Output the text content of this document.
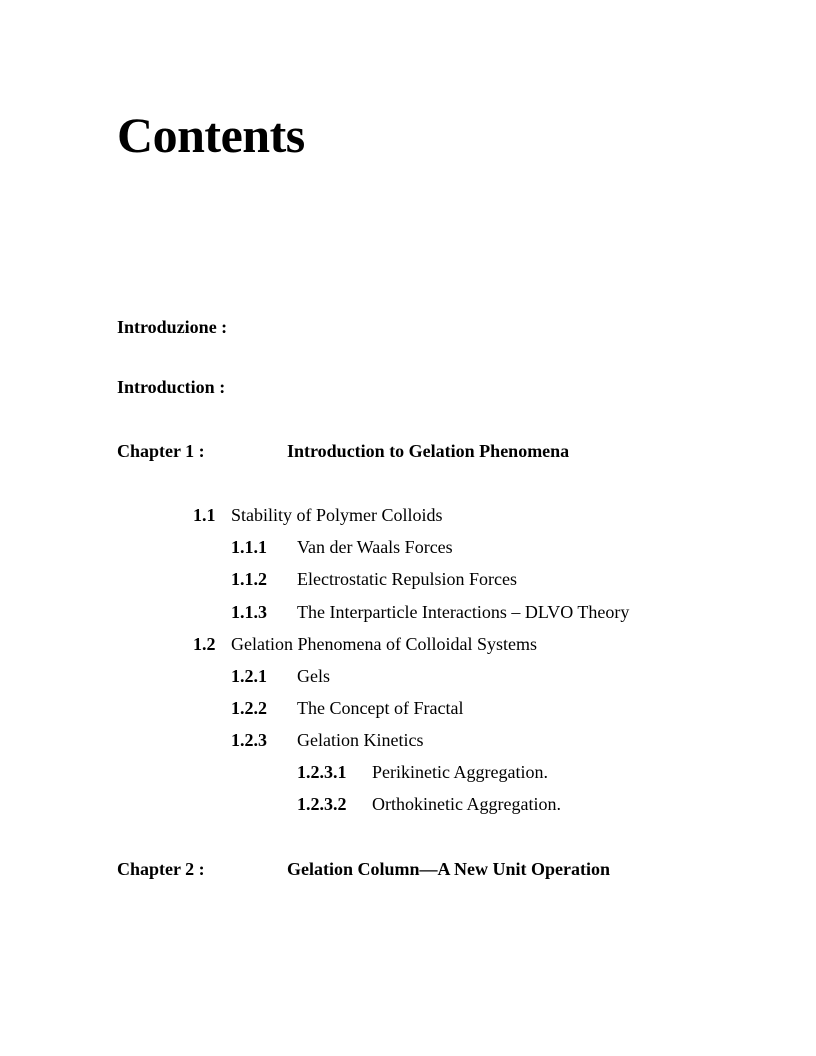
Contents
Introduzione :
Introduction :
Chapter 1 :	Introduction to Gelation Phenomena
1.1 Stability of Polymer Colloids
1.1.1 Van der Waals Forces
1.1.2 Electrostatic Repulsion Forces
1.1.3 The Interparticle Interactions – DLVO Theory
1.2 Gelation Phenomena of Colloidal Systems
1.2.1 Gels
1.2.2 The Concept of Fractal
1.2.3 Gelation Kinetics
1.2.3.1 Perikinetic Aggregation.
1.2.3.2 Orthokinetic Aggregation.
Chapter 2 :	Gelation Column—A New Unit Operation
